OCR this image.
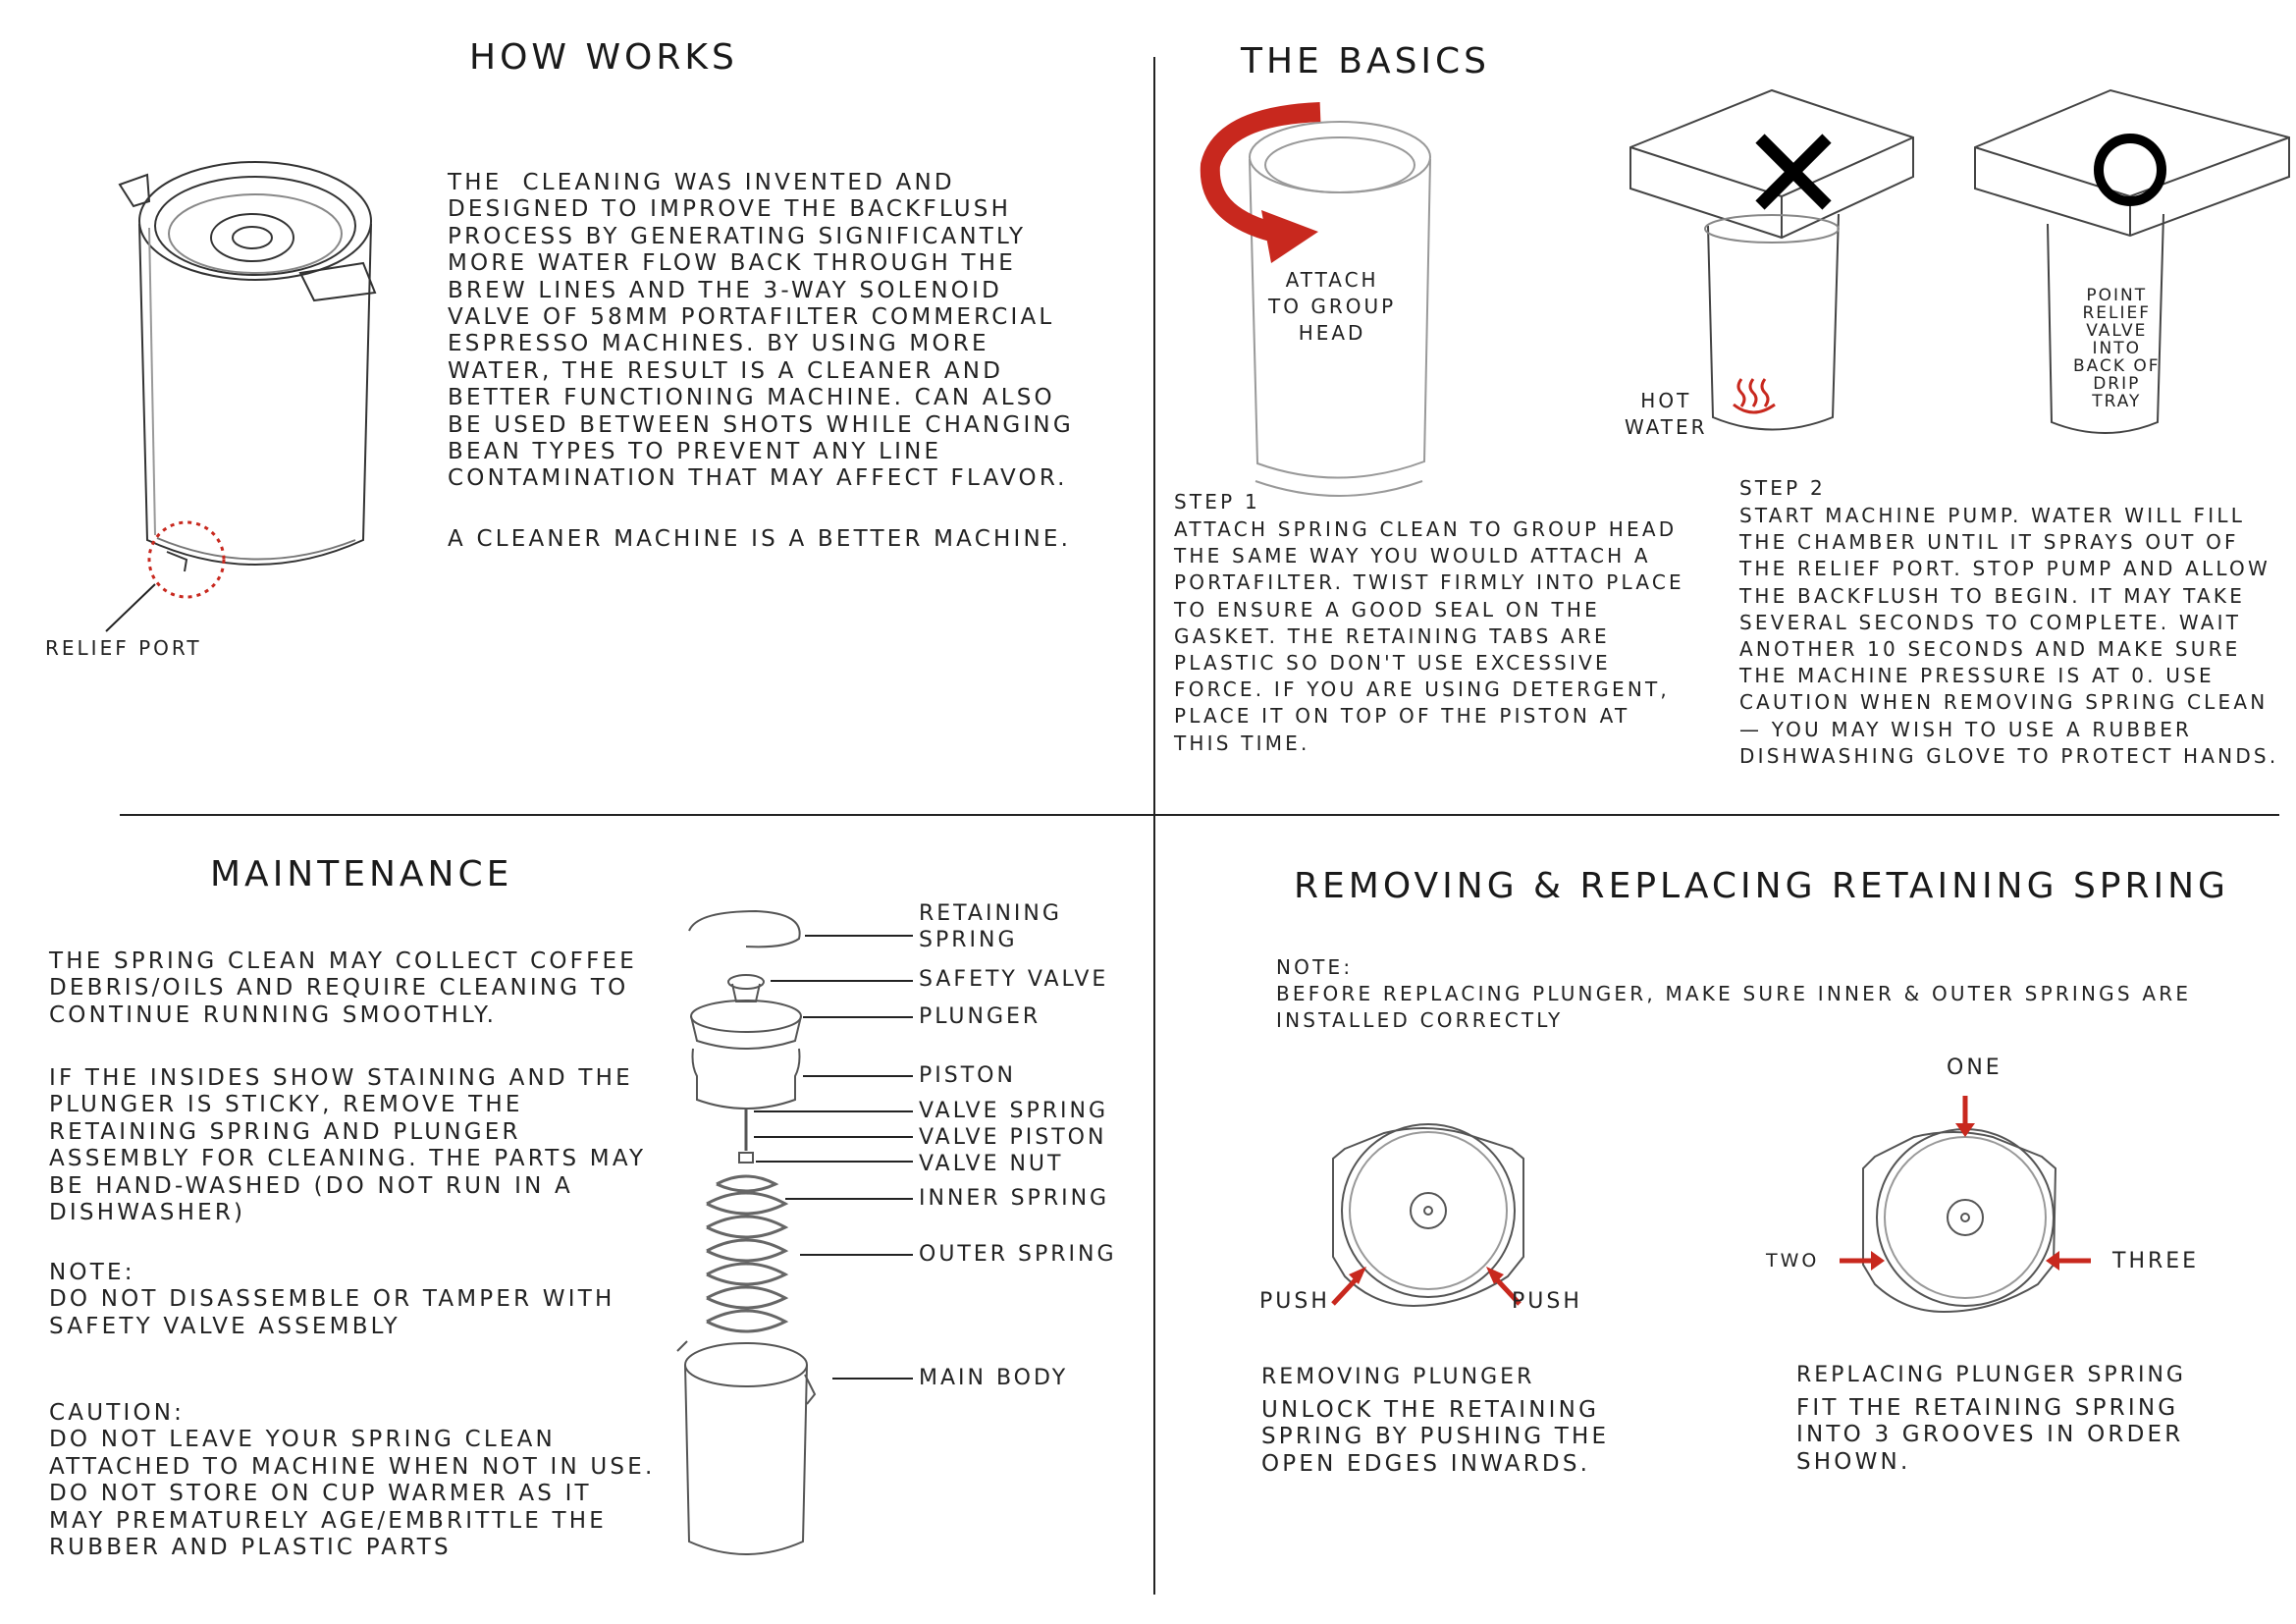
HOW WORKS
RELIEF PORT
THE  CLEANING WAS INVENTED AND
DESIGNED TO IMPROVE THE BACKFLUSH
PROCESS BY GENERATING SIGNIFICANTLY
MORE WATER FLOW BACK THROUGH THE
BREW LINES AND THE 3-WAY SOLENOID
VALVE OF 58MM PORTAFILTER COMMERCIAL
ESPRESSO MACHINES. BY USING MORE
WATER, THE RESULT IS A CLEANER AND
BETTER FUNCTIONING MACHINE. CAN ALSO
BE USED BETWEEN SHOTS WHILE CHANGING
BEAN TYPES TO PREVENT ANY LINE
CONTAMINATION THAT MAY AFFECT FLAVOR.
A CLEANER MACHINE IS A BETTER MACHINE.
THE BASICS
ATTACH
TO GROUP
HEAD
HOT
WATER
POINT
RELIEF
VALVE
INTO
BACK OF
DRIP
TRAY
STEP 1
ATTACH SPRING CLEAN TO GROUP HEAD
THE SAME WAY YOU WOULD ATTACH A
PORTAFILTER. TWIST FIRMLY INTO PLACE
TO ENSURE A GOOD SEAL ON THE
GASKET. THE RETAINING TABS ARE
PLASTIC SO DON'T USE EXCESSIVE
FORCE. IF YOU ARE USING DETERGENT,
PLACE IT ON TOP OF THE PISTON AT
THIS TIME.
STEP 2
START MACHINE PUMP. WATER WILL FILL
THE CHAMBER UNTIL IT SPRAYS OUT OF
THE RELIEF PORT. STOP PUMP AND ALLOW
THE BACKFLUSH TO BEGIN. IT MAY TAKE
SEVERAL SECONDS TO COMPLETE. WAIT
ANOTHER 10 SECONDS AND MAKE SURE
THE MACHINE PRESSURE IS AT 0. USE
CAUTION WHEN REMOVING SPRING CLEAN
— YOU MAY WISH TO USE A RUBBER
DISHWASHING GLOVE TO PROTECT HANDS.
MAINTENANCE
THE SPRING CLEAN MAY COLLECT COFFEE
DEBRIS/OILS AND REQUIRE CLEANING TO
CONTINUE RUNNING SMOOTHLY.
IF THE INSIDES SHOW STAINING AND THE
PLUNGER IS STICKY, REMOVE THE
RETAINING SPRING AND PLUNGER
ASSEMBLY FOR CLEANING. THE PARTS MAY
BE HAND-WASHED (DO NOT RUN IN A
DISHWASHER)
NOTE:
DO NOT DISASSEMBLE OR TAMPER WITH
SAFETY VALVE ASSEMBLY
CAUTION:
DO NOT LEAVE YOUR SPRING CLEAN
ATTACHED TO MACHINE WHEN NOT IN USE.
DO NOT STORE ON CUP WARMER AS IT
MAY PREMATURELY AGE/EMBRITTLE THE
RUBBER AND PLASTIC PARTS
RETAINING
SPRING
SAFETY VALVE
PLUNGER
PISTON
VALVE SPRING
VALVE PISTON
VALVE NUT
INNER SPRING
OUTER SPRING
MAIN BODY
REMOVING & REPLACING RETAINING SPRING
NOTE:
BEFORE REPLACING PLUNGER, MAKE SURE INNER & OUTER SPRINGS ARE
INSTALLED CORRECTLY
PUSH	PUSH
ONE
TWO	THREE
REMOVING PLUNGER
UNLOCK THE RETAINING
SPRING BY PUSHING THE
OPEN EDGES INWARDS.
REPLACING PLUNGER SPRING
FIT THE RETAINING SPRING
INTO 3 GROOVES IN ORDER
SHOWN.
